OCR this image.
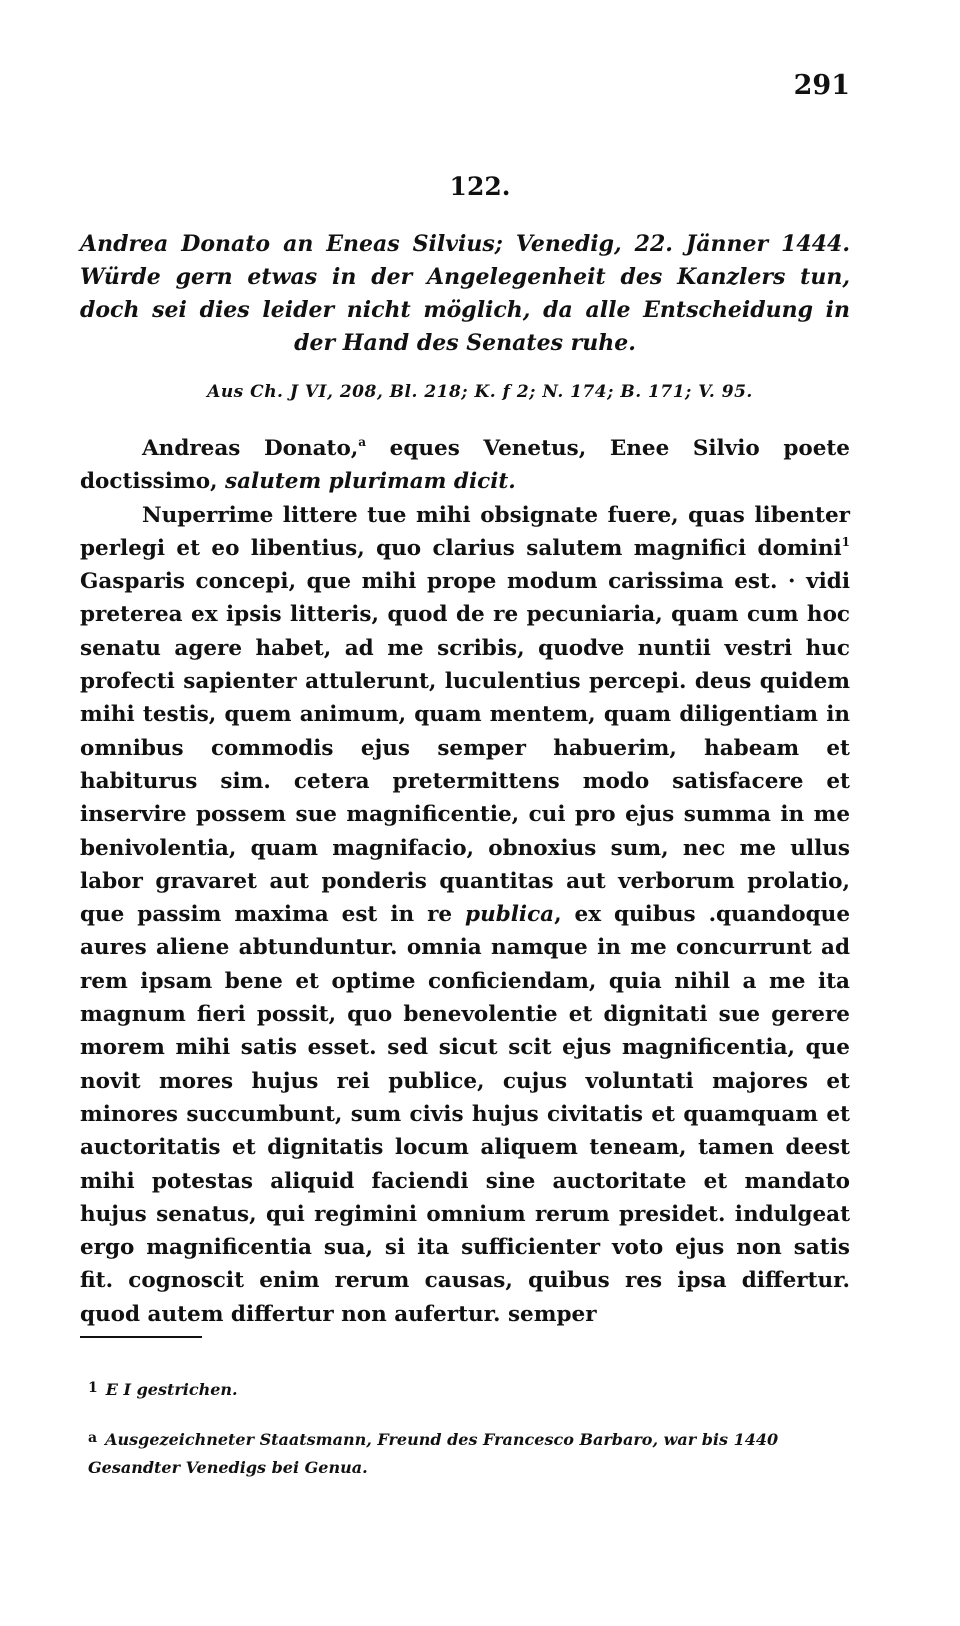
291
122.
Andrea Donato an Eneas Silvius; Venedig, 22. Jänner 1444. Würde gern etwas in der Angelegenheit des Kanzlers tun, doch sei dies leider nicht möglich, da alle Entscheidung in der Hand des Senates ruhe.
Aus Ch. J VI, 208, Bl. 218; K. f 2; N. 174; B. 171; V. 95.

Andreas Donato,$^a$ eques Venetus, Enee Silvio poete doctissimo, salutem plurimam dicit.

Nuperrime littere tue mihi obsignate fuere, quas libenter perlegi et eo libentius, quo clarius salutem magnifici domini$^1$ Gasparis concepi, que mihi prope modum carissima est. · vidi preterea ex ipsis litteris, quod de re pecuniaria, quam cum hoc senatu agere habet, ad me scribis, quodve nuntii vestri huc profecti sapienter attulerunt, luculentius percepi. deus quidem mihi testis, quem animum, quam mentem, quam diligentiam in omnibus commodis ejus semper habuerim, habeam et habiturus sim. cetera pretermittens modo satisfacere et inservire possem sue magnificentie, cui pro ejus summa in me benivolentia, quam magnifacio, obnoxius sum, nec me ullus labor gravaret aut ponderis quantitas aut verborum prolatio, que passim maxima est in re publica, ex quibus .quandoque aures aliene abtunduntur. omnia namque in me concurrunt ad rem ipsam bene et optime conficiendam, quia nihil a me ita magnum fieri possit, quo benevolentie et dignitati sue gerere morem mihi satis esset. sed sicut scit ejus magnificentia, que novit mores hujus rei publice, cujus voluntati majores et minores succumbunt, sum civis hujus civitatis et quamquam et auctoritatis et dignitatis locum aliquem teneam, tamen deest mihi potestas aliquid faciendi sine auctoritate et mandato hujus senatus, qui regimini omnium rerum presidet. indulgeat ergo magnificentia sua, si ita sufficienter voto ejus non satis fit. cognoscit enim rerum causas, quibus res ipsa differtur. quod autem differtur non aufertur. semper

1 E I gestrichen.
a Ausgezeichneter Staatsmann, Freund des Francesco Barbaro, war bis 1440 Gesandter Venedigs bei Genua.
